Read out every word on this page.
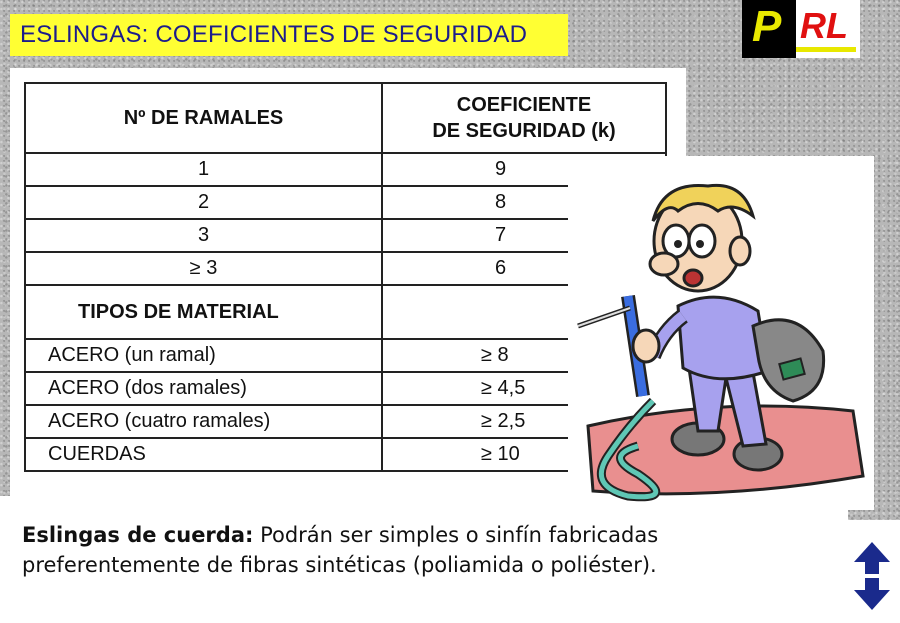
ESLINGAS: COEFICIENTES DE SEGURIDAD	P RL
Nº DE RAMALES	COEFICIENTE
DE SEGURIDAD (k)

1	9
2	8
3	7
≥ 3	6
TIPOS DE MATERIAL	
ACERO (un ramal)	≥ 8
ACERO (dos ramales)	≥ 4,5
ACERO (cuatro ramales)	≥ 2,5
CUERDAS	≥ 10
Eslingas de cuerda: Podrán ser simples o sinfín fabricadas
preferentemente de fibras sintéticas (poliamida o poliéster).
